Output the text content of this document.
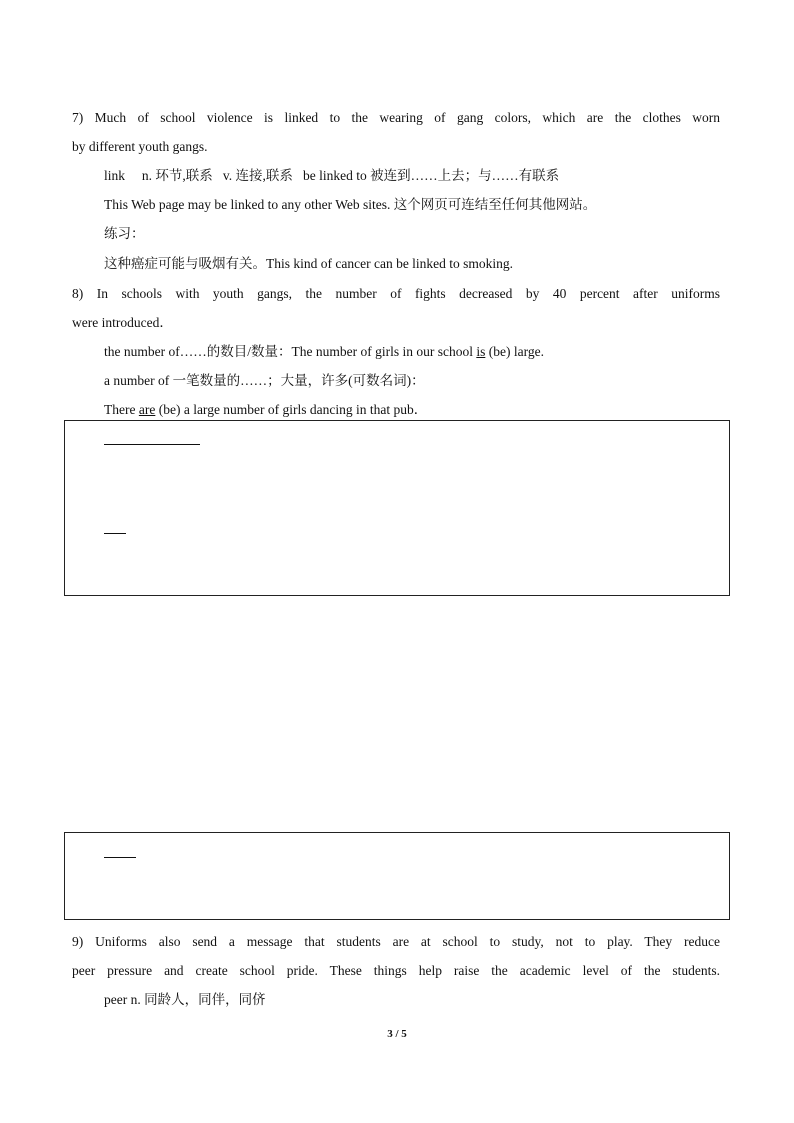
7) Much of school violence is linked to the wearing of gang colors, which are the clothes worn
by different youth gangs.
link     n. 环节,联系   v. 连接,联系   be linked to 被连到……上去；与……有联系
This Web page may be linked to any other Web sites. 这个网页可连结至任何其他网站。
练习：
这种癌症可能与吸烟有关。This kind of cancer can be linked to smoking.
8) In schools with youth gangs, the number of fights decreased by 40 percent after uniforms
were introduced．
the number of……的数目/数量：The number of girls in our school is (be) large.
a number of 一笔数量的……；大量，许多(可数名词)：
There are (be) a large number of girls dancing in that pub．
9) Uniforms also send a message that students are at school to study, not to play. They reduce
peer pressure and create school pride. These things help raise the academic level of the students.
peer n. 同龄人，同伴，同侪
3 / 5
